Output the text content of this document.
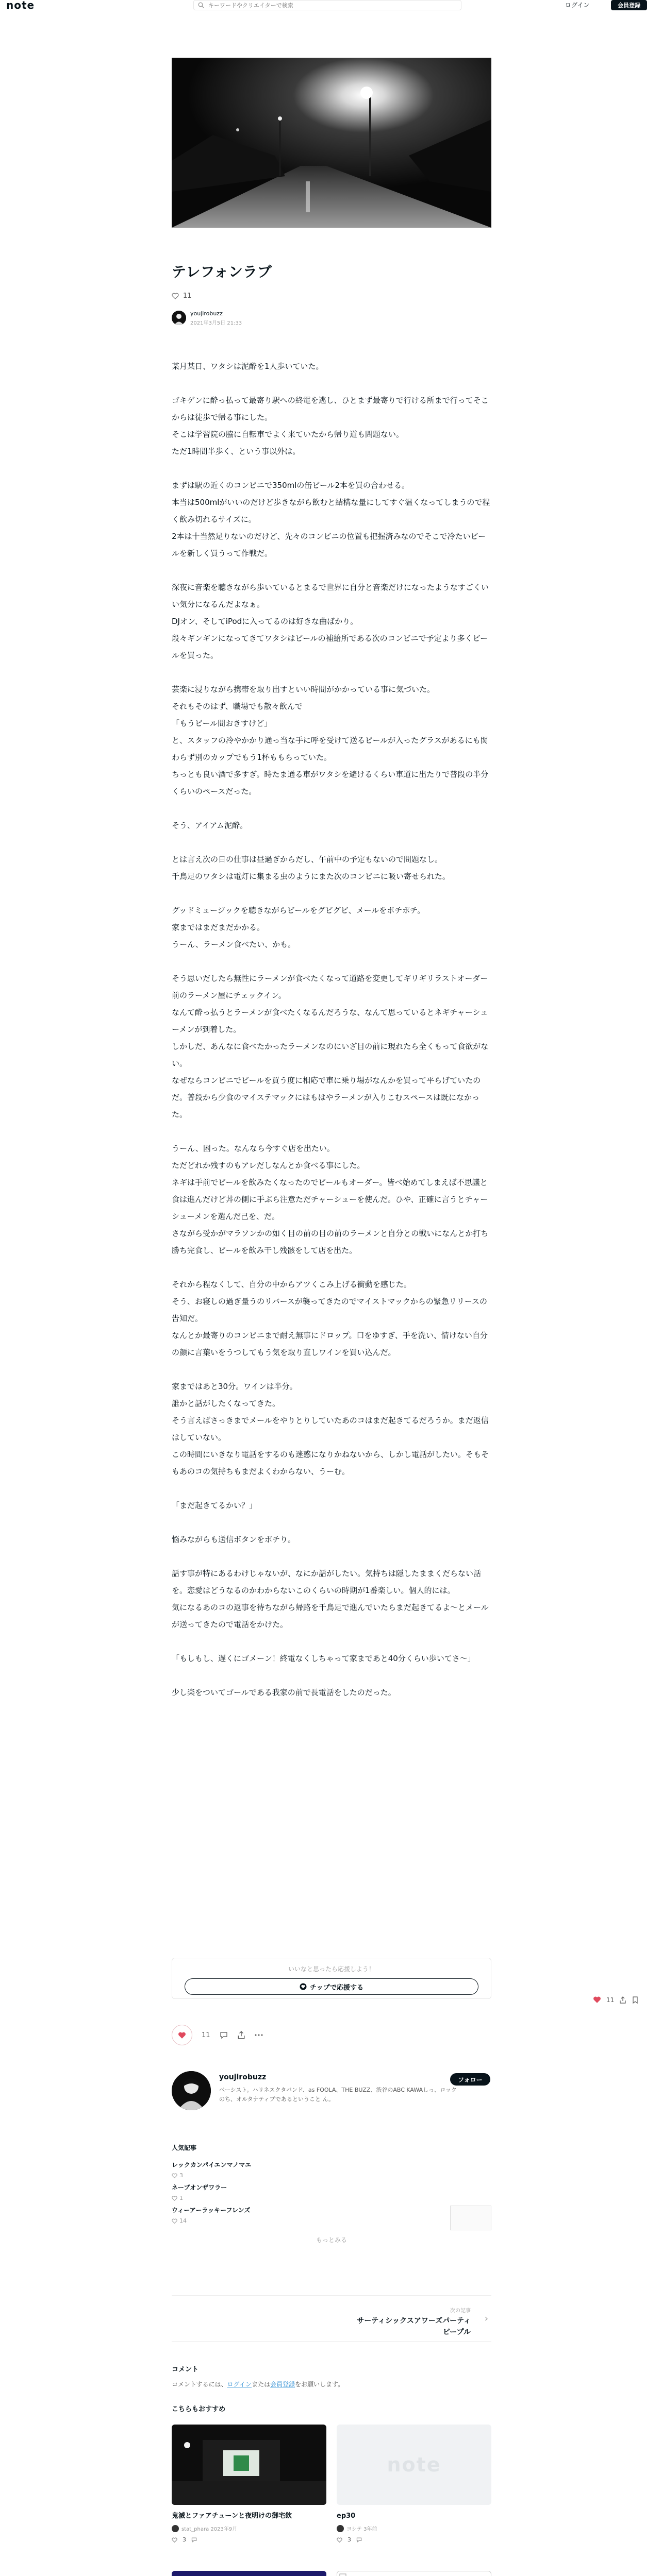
note
キーワードやクリエイターで検索	ログイン	会員登録
テレフォンラブ
11
youjirobuzz
2021年3月5日 21:33

某月某日、ワタシは泥酔を1人歩いていた。

ゴキゲンに酔っ払って最寄り駅への終電を逃し、ひとまず最寄りで行ける所まで行ってそこからは徒歩で帰る事にした。
そこは学習院の脇に自転車でよく来ていたから帰り道も問題ない。
ただ1時間半歩く、という事以外は。

まずは駅の近くのコンビニで350mlの缶ビール2本を買の合わせる。
本当は500mlがいいのだけど歩きながら飲むと結構な量にしてすぐ温くなってしまうので程く飲み切れるサイズに。
2本は十当然足りないのだけど、先々のコンビニの位置も把握済みなのでそこで冷たいビールを新しく買うって作戦だ。

深夜に音楽を聴きながら歩いているとまるで世界に自分と音楽だけになったようなすごくいい気分になるんだよなぁ。
DJオン、そしてiPodに入ってるのは好きな曲ばかり。
段々ギンギンになってきてワタシはビールの補給所である次のコンビニで予定より多くビールを買った。

芸楽に浸りながら携帯を取り出すといい時間がかかっている事に気づいた。
それもそのはず、職場でも散々飲んで
「もうビール間おきすけど」
と、スタッフの冷やかかり通っ当な手に呼を受けて送るビールが入ったグラスがあるにも関わらず別のカップでもう1杯ももらっていた。
ちっとも良い酒で多すぎ。時たま通る車がワタシを避けるくらい車道に出たりで普段の半分くらいのペースだった。

そう、アイアム泥酔。

とは言え次の日の仕事は昼過ぎからだし、午前中の予定もないので問題なし。
千鳥足のワタシは電灯に集まる虫のようにまた次のコンビニに吸い寄せられた。

グッドミュージックを聴きながらビールをグビグビ、メールをポチポチ。
家まではまだまだかかる。
うーん、ラーメン食べたい、かも。

そう思いだしたら無性にラーメンが食べたくなって道路を変更してギリギリラストオーダー前のラーメン屋にチェックイン。
なんて酔っ払うとラーメンが食べたくなるんだろうな、なんて思っているとネギチャーシューメンが到着した。
しかしだ、あんなに食べたかったラーメンなのにいざ目の前に現れたら全くもって食欲がない。
なぜならコンビニでビールを買う度に相応で車に乗り場がなんかを買って平らげていたのだ。普段から少食のマイステマックにはもはやラーメンが入りこむスペースは既になかった。

うーん、困った。なんなら今すぐ店を出たい。
ただどれか残すのもアレだしなんとか食べる事にした。
ネギは手前でビールを飲みたくなったのでビールもオーダー。皆べ始めてしまえば不思議と食は進んだけど丼の側に手ぶら注意ただチャーシューを使んだ。ひや、正確に言うとチャーシューメンを選んだ己を、だ。
さながら受かがマラソンかの如く目の前の目の前のラーメンと自分との戦いになんとか打ち勝ち完食し、ビールを飲み干し残骸をして店を出た。

それから程なくして、自分の中からアツくこみ上げる衝動を感じた。
そう、お寝しの過ぎ量うのリバースが襲ってきたのでマイストマックからの緊急リリースの告知だ。
なんとか最寄りのコンビニまで耐え無事にドロップ。口をゆすぎ、手を洗い、情けない自分の顔に言葉いをうつしてもう気を取り直しワインを買い込んだ。

家まではあと30分。ワインは半分。
誰かと話がしたくなってきた。
そう言えばさっきまでメールをやりとりしていたあのコはまだ起きてるだろうか。まだ返信はしていない。
この時間にいきなり電話をするのも迷惑になりかねないから、しかし電話がしたい。そもそもあのコの気持ちもまだよくわからない、うーむ。

「まだ起きてるかい？」

悩みながらも送信ボタンをポチり。

話す事が特にあるわけじゃないが、なにか話がしたい。気持ちは隠したままくだらない話を。恋愛はどうなるのかわからないこのくらいの時期が1番楽しい。個人的には。
気になるあのコの返事を待ちながら帰路を千鳥足で進んでいたらまだ起きてるよ〜とメールが送ってきたので電話をかけた。

「もしもし、遅くにゴメーン！終電なくしちゃって家まであと40分くらい歩いてさ〜」

少し楽をついてゴールである我家の前で長電話をしたのだった。

いいなと思ったら応援しよう！
チップで応援する
11
11
youjirobuzz
ベーシスト。ハリネスクタバンド、as FOOLA、THE BUZZ、渋谷のABC KAWAしっ、ロックのち、オルタナティブであるということ ん。
フォロー
人気記事
レックカンパイエンマノマエ
3
ネーブオンザワラー
1
ウィーアーラッキーフレンズ
14
もっとみる
次の記事
サーティシックスアワーズパーティ
ピープル
›
コメント
コメントするには、ログインまたは会員登録をお願いします。
こちらもおすすめ
鬼滅とファアチューンと夜明けの御宅飲
stat_phara 2023年9月
3
note
ep30
ヨシテ 3年前
3
